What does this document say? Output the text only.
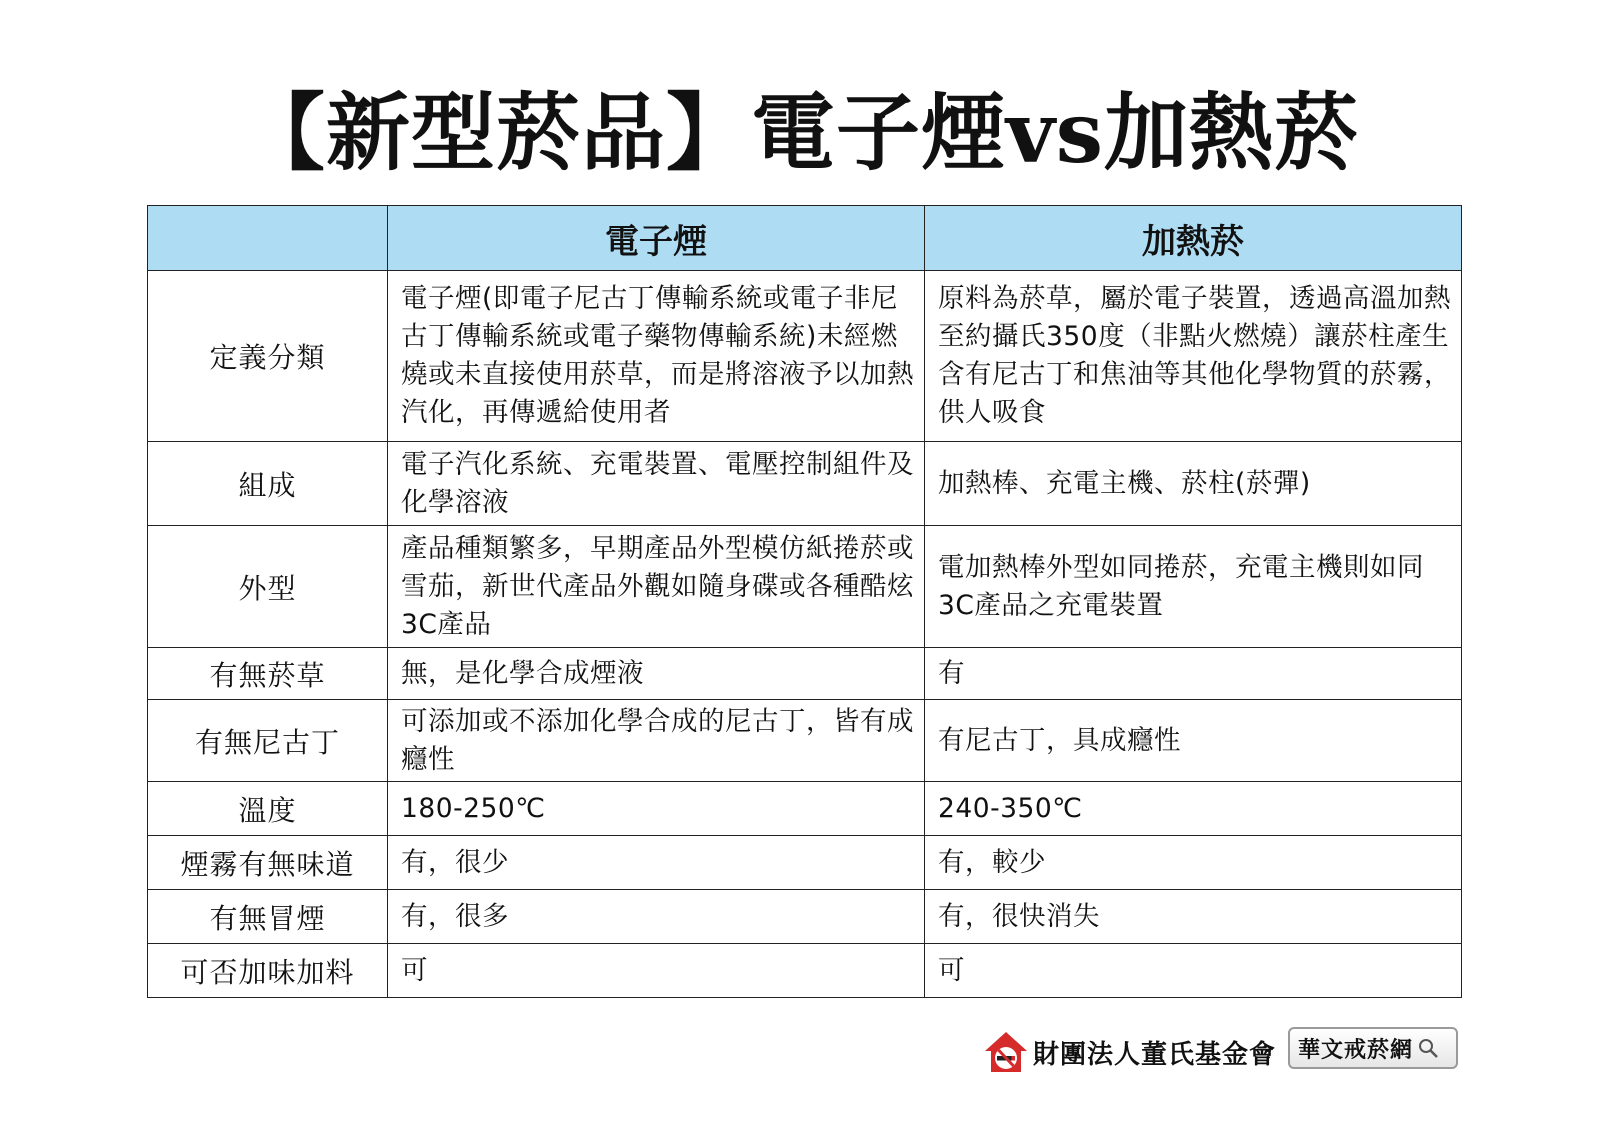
【新型菸品】電子煙vs加熱菸
	電子煙	加熱菸
定義分類	電子煙(即電子尼古丁傳輸系統或電子非尼古丁傳輸系統或電子藥物傳輸系統)未經燃燒或未直接使用菸草，而是將溶液予以加熱汽化，再傳遞給使用者	原料為菸草，屬於電子裝置，透過高溫加熱至約攝氏350度（非點火燃燒）讓菸柱產生含有尼古丁和焦油等其他化學物質的菸霧，供人吸食
組成	電子汽化系統、充電裝置、電壓控制組件及化學溶液	加熱棒、充電主機、菸柱(菸彈)
外型	產品種類繁多，早期產品外型模仿紙捲菸或雪茄，新世代產品外觀如隨身碟或各種酷炫3C產品	電加熱棒外型如同捲菸，充電主機則如同3C產品之充電裝置
有無菸草	無，是化學合成煙液	有
有無尼古丁	可添加或不添加化學合成的尼古丁，皆有成癮性	有尼古丁，具成癮性
溫度	180-250℃	240-350℃
煙霧有無味道	有，很少	有，較少
有無冒煙	有，很多	有，很快消失
可否加味加料	可	可
財團法人董氏基金會 華文戒菸網
